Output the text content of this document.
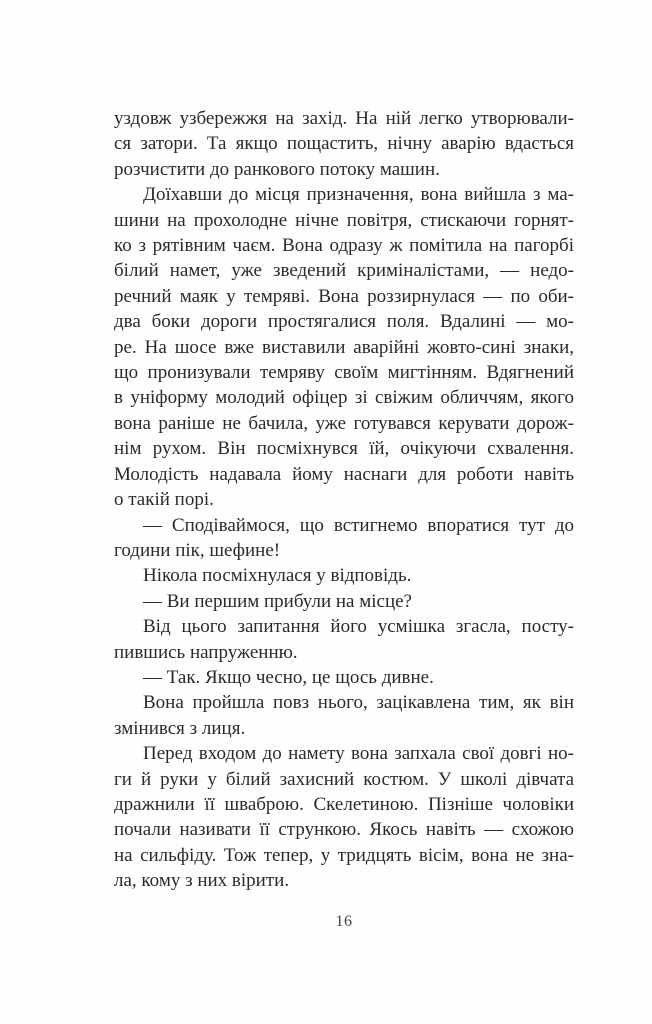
уздовж узбережжя на захід. На ній легко утворювали-
ся затори. Та якщо пощастить, нічну аварію вдасться
розчистити до ранкового потоку машин.
Доїхавши до місця призначення, вона вийшла з ма-
шини на прохолодне нічне повітря, стискаючи горнят-
ко з рятівним чаєм. Вона одразу ж помітила на пагорбі
білий намет, уже зведений криміналістами, — недо-
речний маяк у темряві. Вона роззирнулася — по оби-
два боки дороги простягалися поля. Вдалині — мо-
ре. На шосе вже виставили аварійні жовто-сині знаки,
що пронизували темряву своїм мигтінням. Вдягнений
в уніформу молодий офіцер зі свіжим обличчям, якого
вона раніше не бачила, уже готувався керувати дорож-
нім рухом. Він посміхнувся їй, очікуючи схвалення.
Молодість надавала йому наснаги для роботи навіть
о такій порі.
— Сподіваймося, що встигнемо впоратися тут до
години пік, шефине!
Нікола посміхнулася у відповідь.
— Ви першим прибули на місце?
Від цього запитання його усмішка згасла, посту-
пившись напруженню.
— Так. Якщо чесно, це щось дивне.
Вона пройшла повз нього, зацікавлена тим, як він
змінився з лиця.
Перед входом до намету вона запхала свої довгі но-
ги й руки у білий захисний костюм. У школі дівчата
дражнили її шваброю. Скелетиною. Пізніше чоловіки
почали називати її стрункою. Якось навіть — схожою
на сильфіду. Тож тепер, у тридцять вісім, вона не зна-
ла, кому з них вірити.
16
